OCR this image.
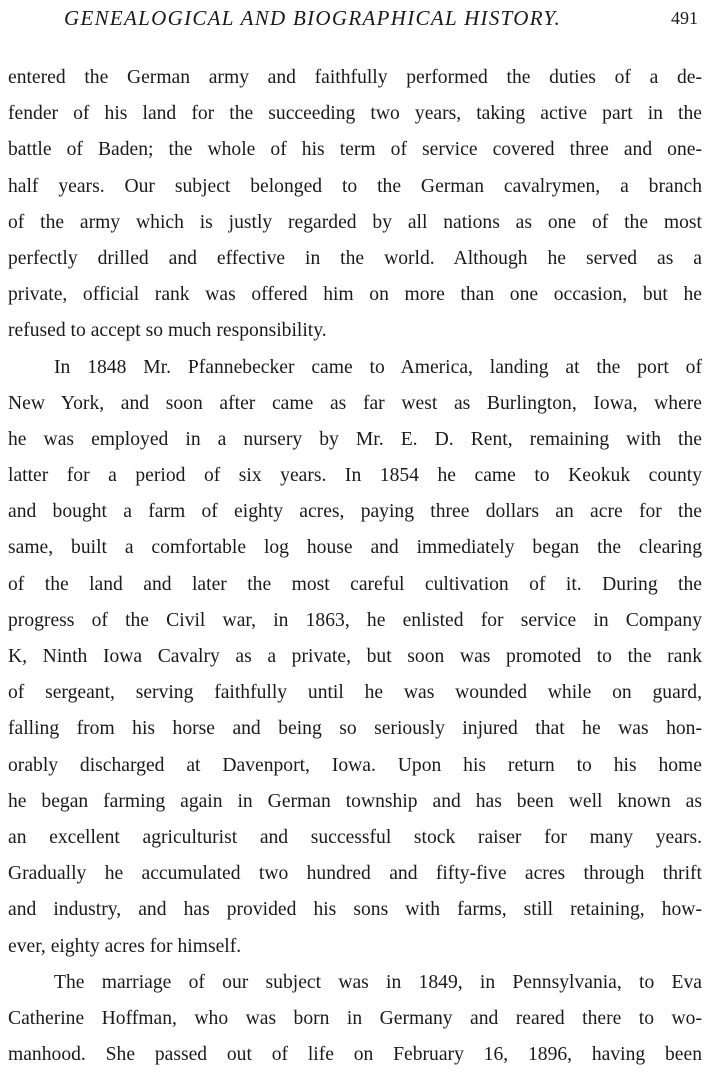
GENEALOGICAL AND BIOGRAPHICAL HISTORY.	491
entered the German army and faithfully performed the duties of a de-
fender of his land for the succeeding two years, taking active part in the
battle of Baden; the whole of his term of service covered three and one-
half years. Our subject belonged to the German cavalrymen, a branch
of the army which is justly regarded by all nations as one of the most
perfectly drilled and effective in the world. Although he served as a
private, official rank was offered him on more than one occasion, but he
refused to accept so much responsibility.
In 1848 Mr. Pfannebecker came to America, landing at the port of
New York, and soon after came as far west as Burlington, Iowa, where
he was employed in a nursery by Mr. E. D. Rent, remaining with the
latter for a period of six years. In 1854 he came to Keokuk county
and bought a farm of eighty acres, paying three dollars an acre for the
same, built a comfortable log house and immediately began the clearing
of the land and later the most careful cultivation of it. During the
progress of the Civil war, in 1863, he enlisted for service in Company
K, Ninth Iowa Cavalry as a private, but soon was promoted to the rank
of sergeant, serving faithfully until he was wounded while on guard,
falling from his horse and being so seriously injured that he was hon-
orably discharged at Davenport, Iowa. Upon his return to his home
he began farming again in German township and has been well known as
an excellent agriculturist and successful stock raiser for many years.
Gradually he accumulated two hundred and fifty-five acres through thrift
and industry, and has provided his sons with farms, still retaining, how-
ever, eighty acres for himself.
The marriage of our subject was in 1849, in Pennsylvania, to Eva
Catherine Hoffman, who was born in Germany and reared there to wo-
manhood. She passed out of life on February 16, 1896, having been
